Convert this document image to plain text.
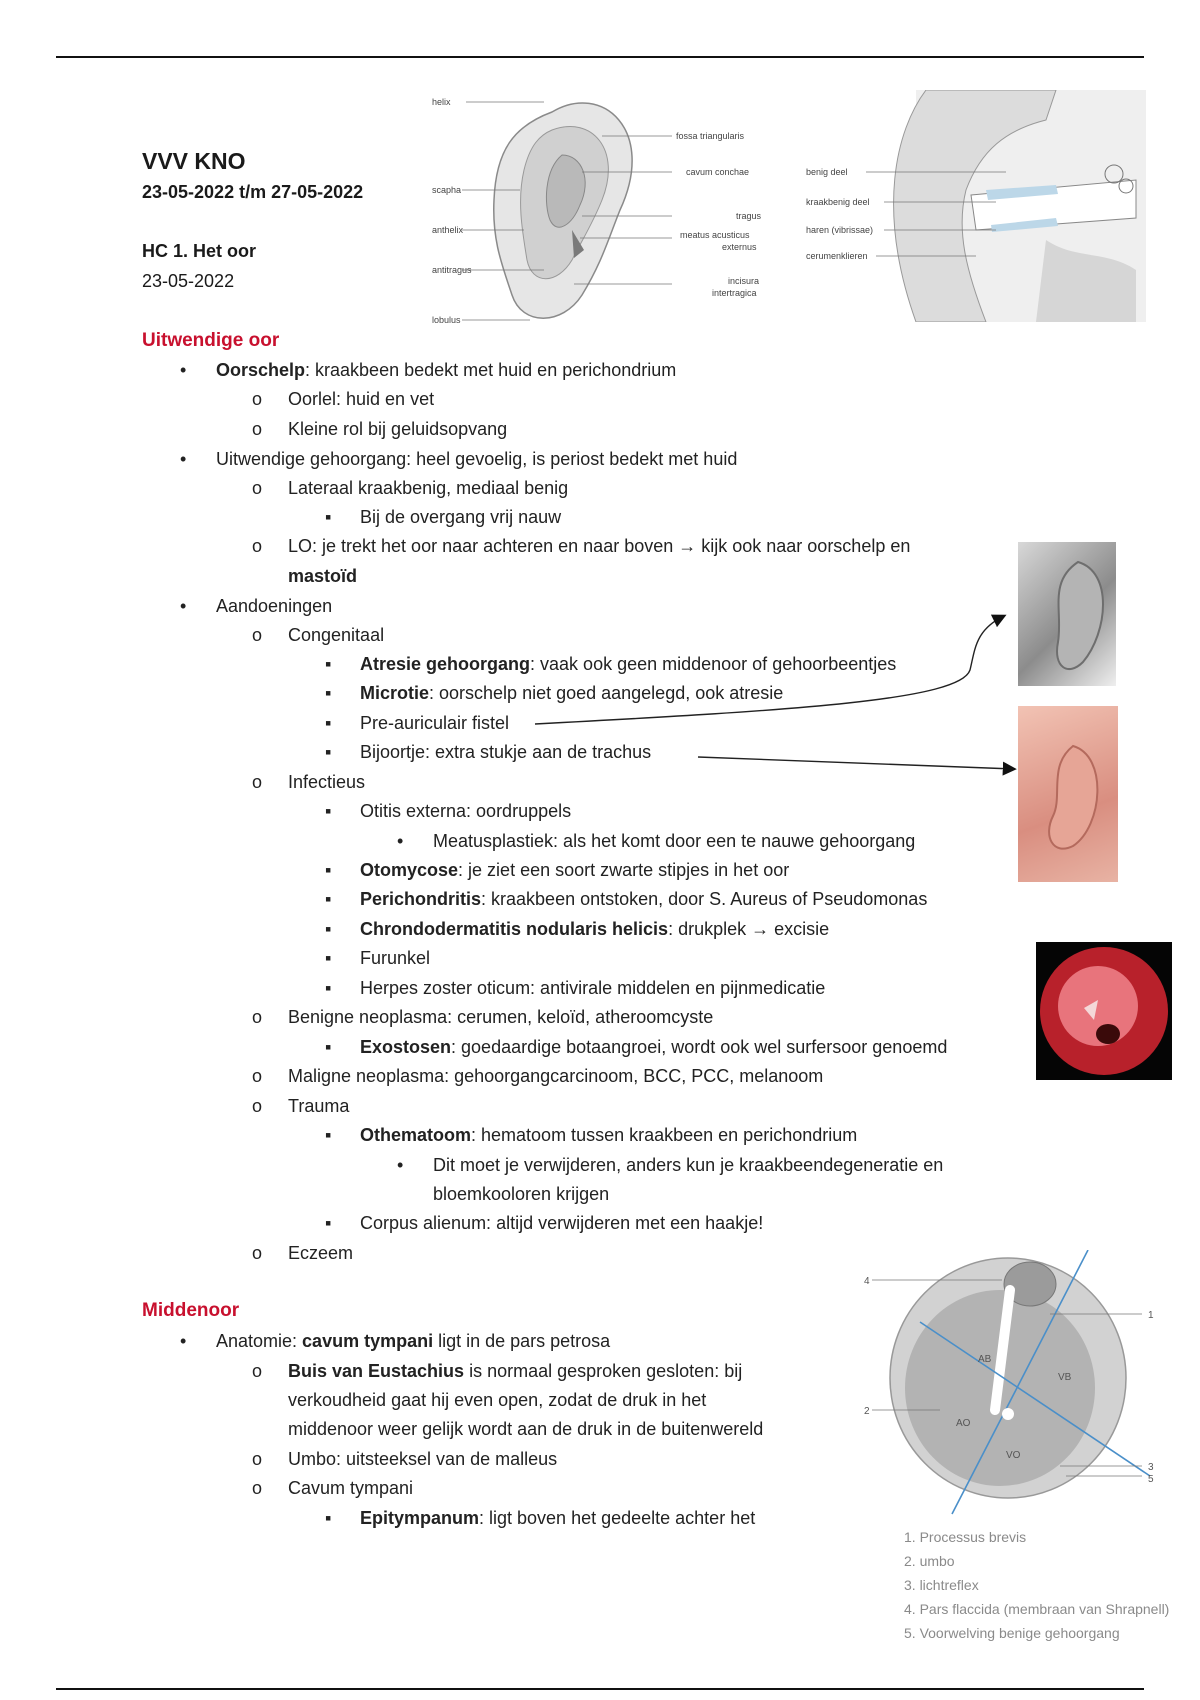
VVV KNO
23-05-2022 t/m 27-05-2022
HC 1. Het oor
23-05-2022
helix
scapha
anthelix
antitragus
lobulus
fossa triangularis
cavum conchae
tragus
meatus acusticus
externus
incisura
intertragica
benig deel
kraakbenig deel
haren (vibrissae)
cerumenklieren
Uitwendige oor
• Oorschelp: kraakbeen bedekt met huid en perichondrium
o Oorlel: huid en vet
o Kleine rol bij geluidsopvang
• Uitwendige gehoorgang: heel gevoelig, is periost bedekt met huid
o Lateraal kraakbenig, mediaal benig
▪ Bij de overgang vrij nauw
o LO: je trekt het oor naar achteren en naar boven → kijk ook naar oorschelp en
mastoïd
• Aandoeningen
o Congenitaal
▪ Atresie gehoorgang: vaak ook geen middenoor of gehoorbeentjes
▪ Microtie: oorschelp niet goed aangelegd, ook atresie
▪ Pre-auriculair fistel
▪ Bijoortje: extra stukje aan de trachus
o Infectieus
▪ Otitis externa: oordruppels
• Meatusplastiek: als het komt door een te nauwe gehoorgang
▪ Otomycose: je ziet een soort zwarte stipjes in het oor
▪ Perichondritis: kraakbeen ontstoken, door S. Aureus of Pseudomonas
▪ Chrondodermatitis nodularis helicis: drukplek → excisie
▪ Furunkel
▪ Herpes zoster oticum: antivirale middelen en pijnmedicatie
o Benigne neoplasma: cerumen, keloïd, atheroomcyste
▪ Exostosen: goedaardige botaangroei, wordt ook wel surfersoor genoemd
o Maligne neoplasma: gehoorgangcarcinoom, BCC, PCC, melanoom
o Trauma
▪ Othematoom: hematoom tussen kraakbeen en perichondrium
• Dit moet je verwijderen, anders kun je kraakbeendegeneratie en
bloemkooloren krijgen
▪ Corpus alienum: altijd verwijderen met een haakje!
o Eczeem
Middenoor
• Anatomie: cavum tympani ligt in de pars petrosa
o Buis van Eustachius is normaal gesproken gesloten: bij
verkoudheid gaat hij even open, zodat de druk in het
middenoor weer gelijk wordt aan de druk in de buitenwereld
o Umbo: uitsteeksel van de malleus
o Cavum tympani
▪ Epitympanum: ligt boven het gedeelte achter het
AB
VB
AO
VO
4
1
2
3
5
1. Processus brevis
2. umbo
3. lichtreflex
4. Pars flaccida (membraan van Shrapnell)
5. Voorwelving benige gehoorgang
